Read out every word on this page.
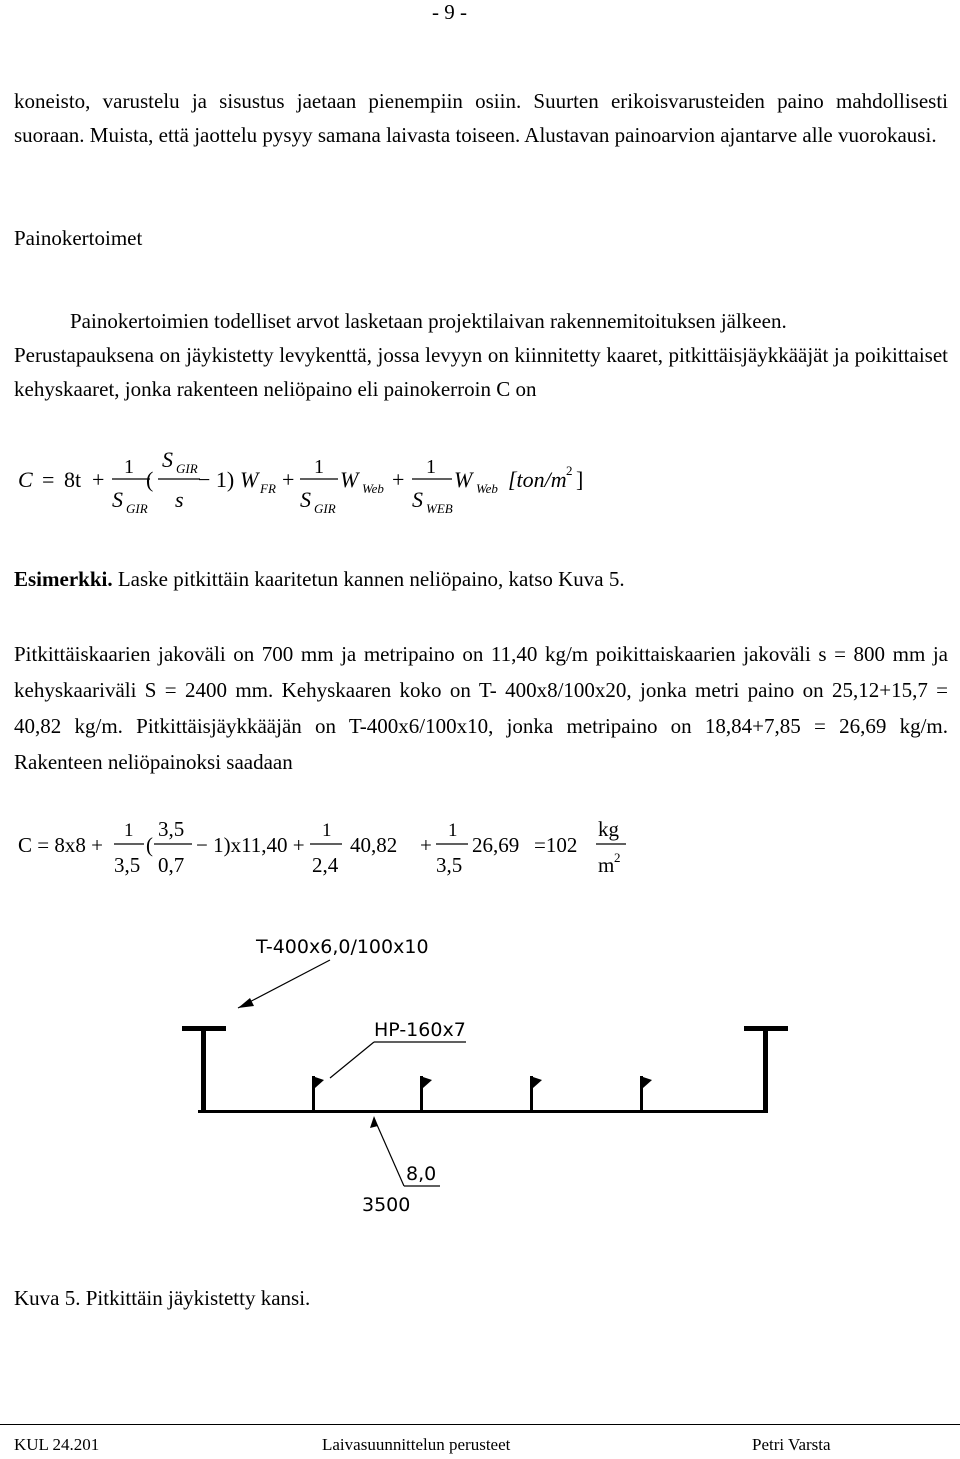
- 9 -
koneisto, varustelu ja sisustus jaetaan pienempiin osiin. Suurten erikoisvarusteiden paino mahdollisesti suoraan. Muista, että jaottelu pysyy samana laivasta toiseen. Alustavan painoarvion ajantarve alle vuorokausi.
Painokertoimet
Painokertoimien todelliset arvot lasketaan projektilaivan rakennemitoituksen jälkeen.
Perustapauksena on jäykistetty levykenttä, jossa levyyn on kiinnitetty kaaret, pitkittäisjäykkääjät ja poikittaiset kehyskaaret, jonka rakenteen neliöpaino eli painokerroin C on
C = 8t + 1
S GIR
(
S GIR
s
− 1) W FR + 1
S GIR
W Web + 1
S WEB
W Web [ton/m 2 ]
Esimerkki. Laske pitkittäin kaaritetun kannen neliöpaino, katso Kuva 5.
Pitkittäiskaarien jakoväli on 700 mm ja metripaino on 11,40 kg/m poikittaiskaarien jakoväli s = 800 mm ja kehyskaariväli S = 2400 mm. Kehyskaaren koko on T- 400x8/100x20, jonka metri paino on 25,12+15,7 = 40,82 kg/m. Pitkittäisjäykkääjän on T-400x6/100x10, jonka metripaino on 18,84+7,85 = 26,69 kg/m. Rakenteen neliöpainoksi saadaan
C = 8x8 +
1
3,5
(
3,5
0,7
− 1)x11,40 +
1
2,4
40,82 +
1
3,5
26,69 =102
kg
m 2
T-400x6,0/100x10
HP-160x7
8,0
3500
Kuva 5. Pitkittäin jäykistetty kansi.
KUL 24.201	Laivasuunnittelun perusteet	Petri Varsta
